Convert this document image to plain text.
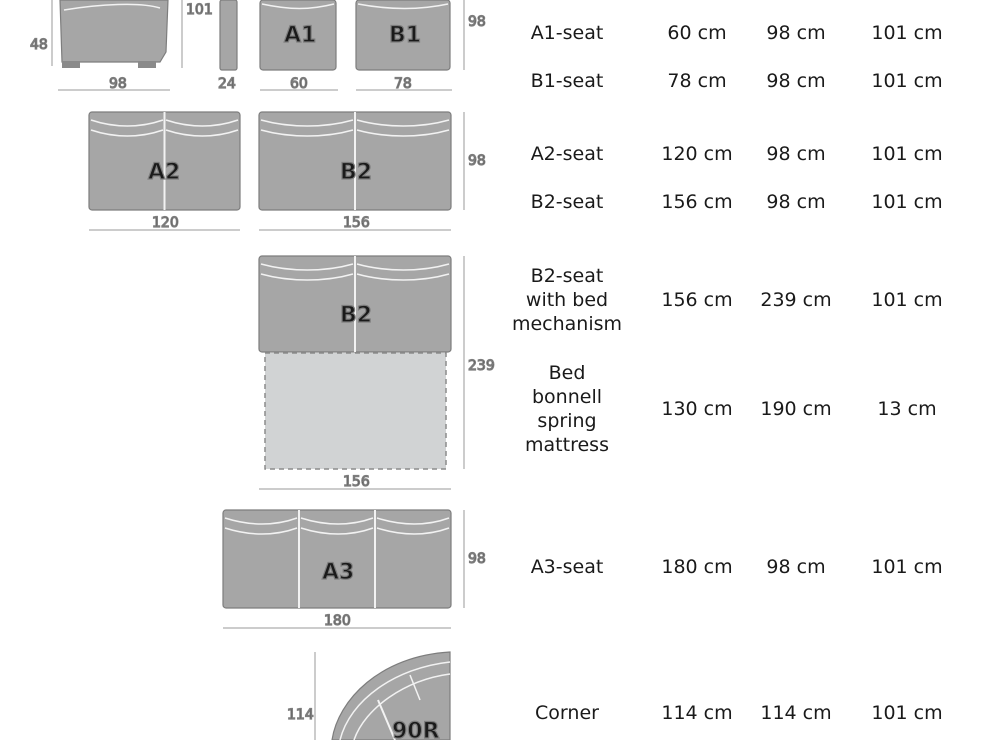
101
48
98	24
A1
60
B1
78
98
A2
120
B2
156
98
B2
156
239
A3
180
98
90R
114
A1-seat	60 cm	98 cm	101 cm
B1-seat	78 cm	98 cm	101 cm
A2-seat	120 cm	98 cm	101 cm
B2-seat	156 cm	98 cm	101 cm
B2-seat
with bed
mechanism
156 cm	239 cm	101 cm
Bed
bonnell
spring
mattress
130 cm	190 cm	13 cm
A3-seat	180 cm	98 cm	101 cm
Corner	114 cm	114 cm	101 cm
